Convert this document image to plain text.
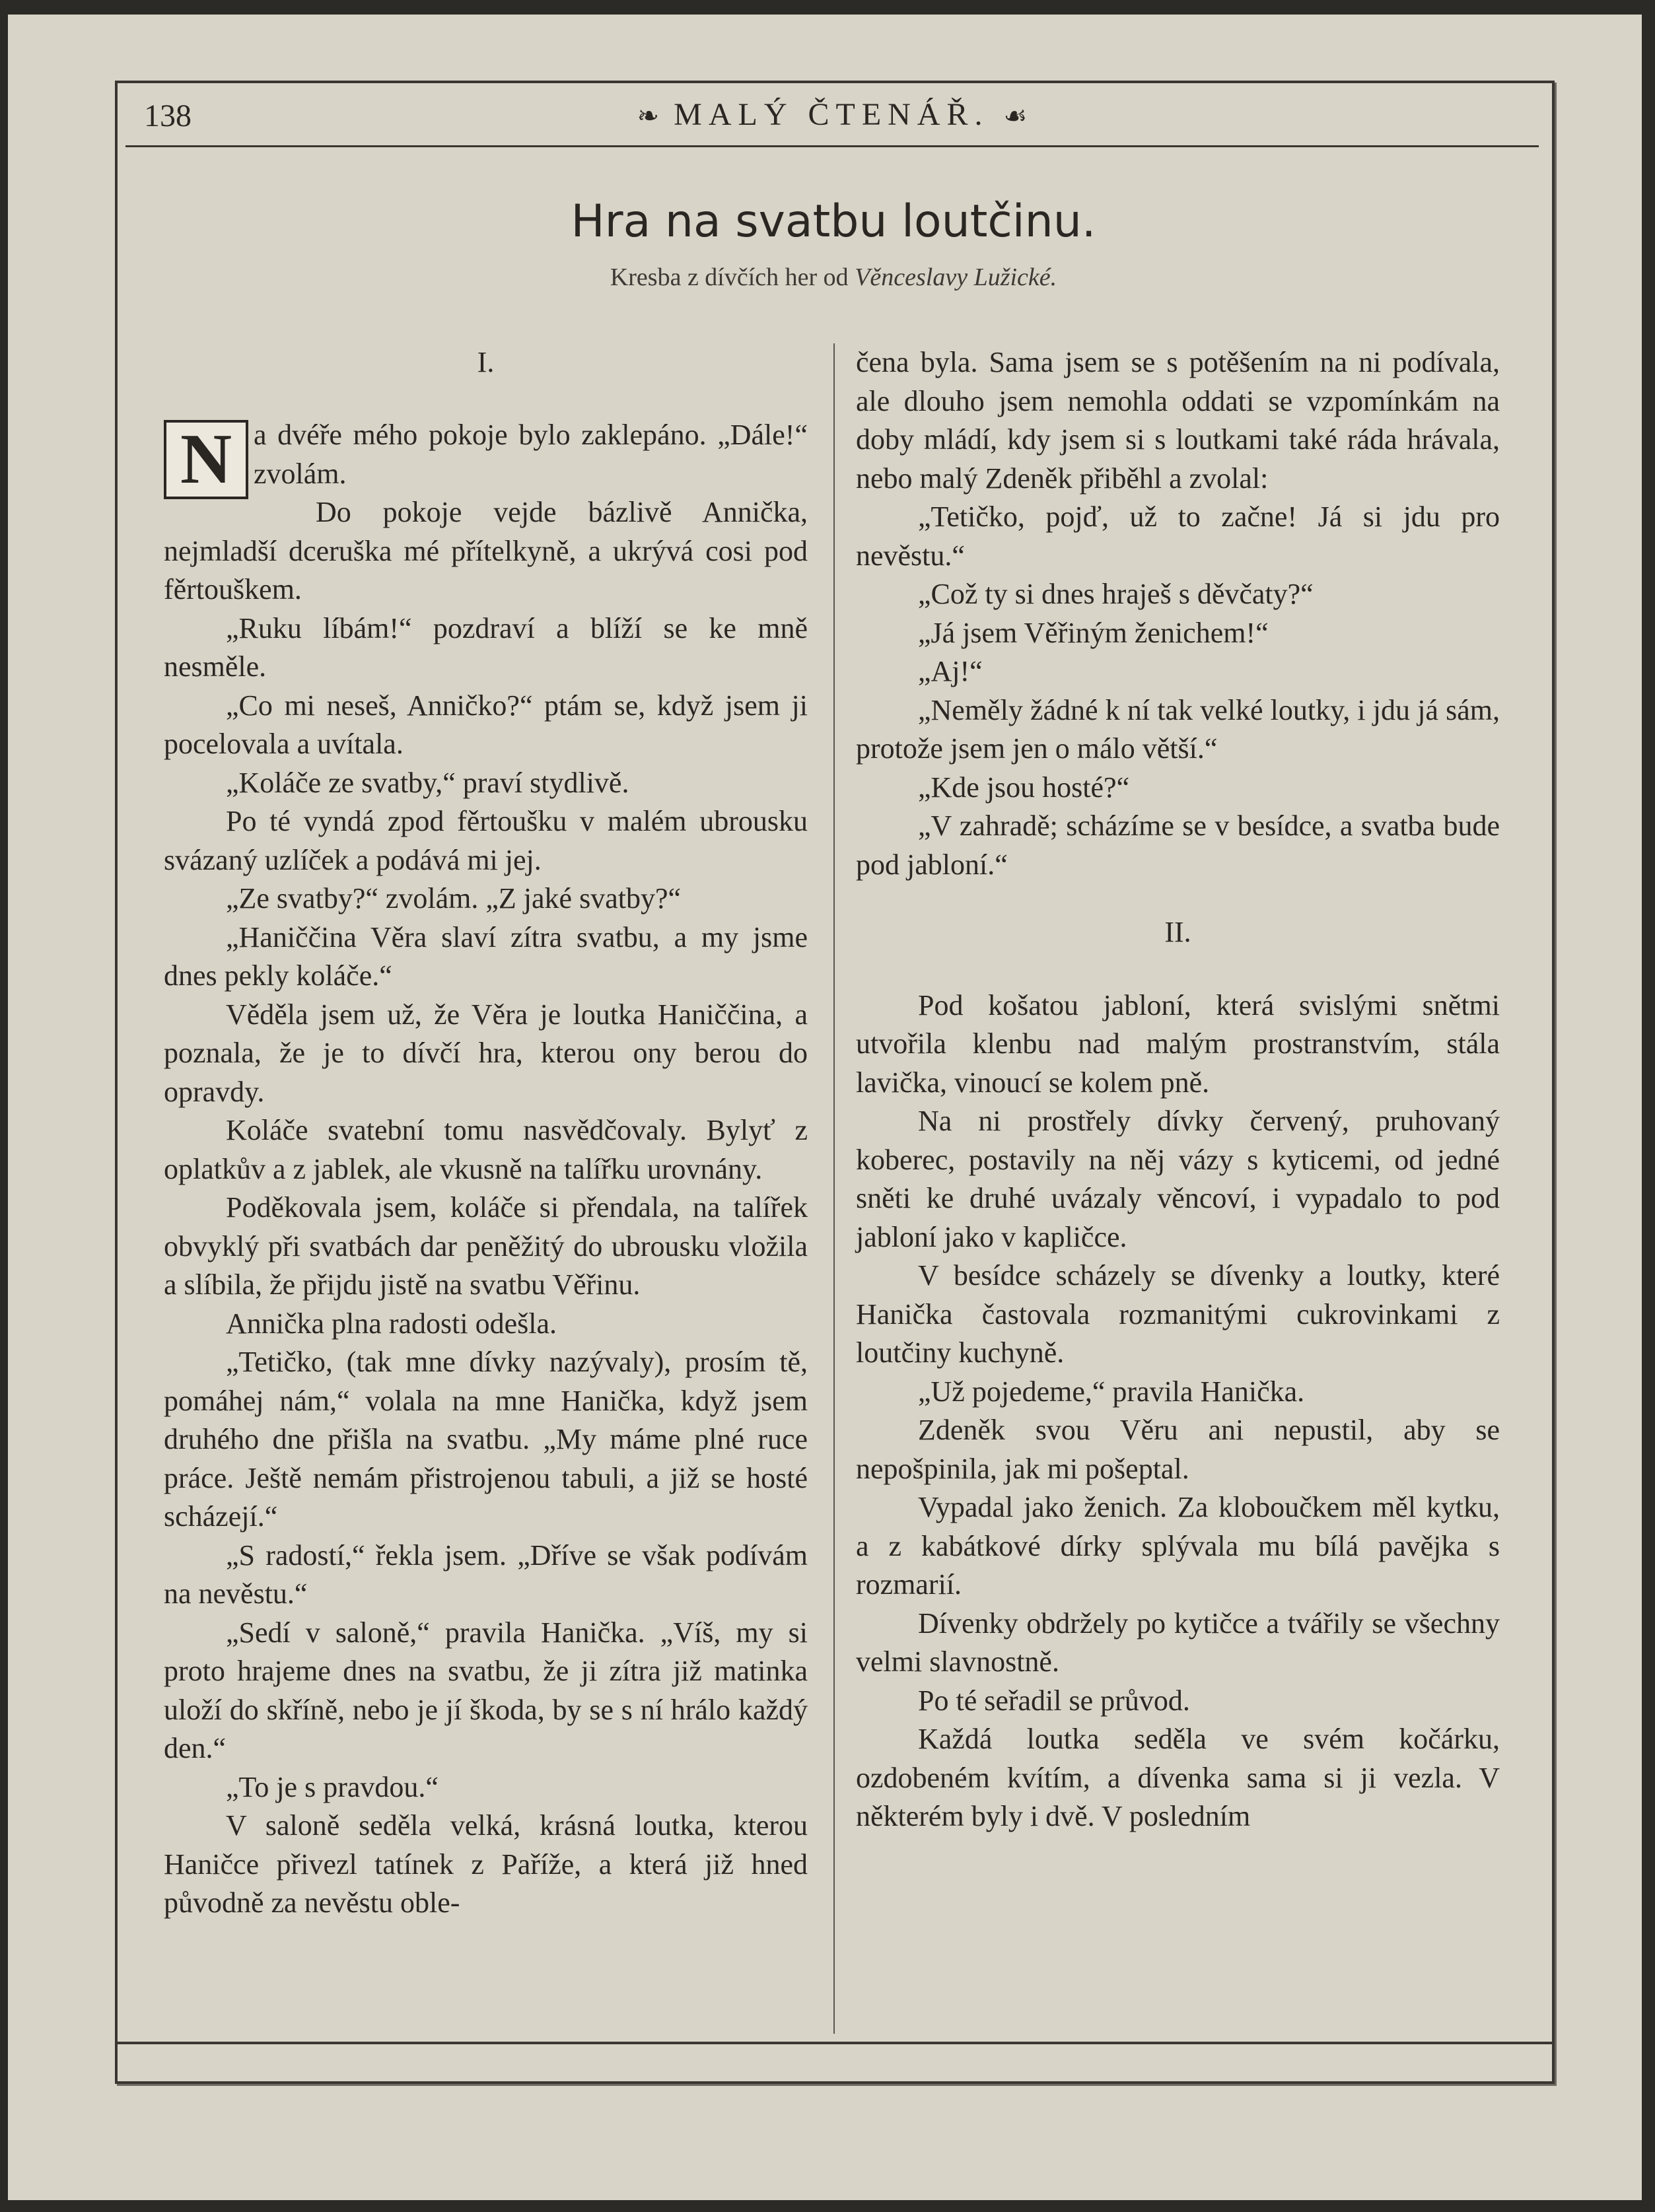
138	❧ MALÝ ČTENÁŘ. ☙
Hra na svatbu loutčinu.
Kresba z dívčích her od Věnceslavy Lužické.

I.

N a dvéře mého pokoje bylo zaklepáno. „Dále!“ zvolám.

Do pokoje vejde bázlivě Annička, nejmladší dceruška mé přítelkyně, a ukrývá cosi pod fěrtouškem.

„Ruku líbám!“ pozdraví a blíží se ke mně nesměle.

„Co mi neseš, Anničko?“ ptám se, když jsem ji pocelovala a uvítala.

„Koláče ze svatby,“ praví stydlivě.

Po té vyndá zpod fěrtoušku v malém ubrousku svázaný uzlíček a podává mi jej.

„Ze svatby?“ zvolám. „Z jaké svatby?“

„Haniččina Věra slaví zítra svatbu, a my jsme dnes pekly koláče.“

Věděla jsem už, že Věra je loutka Haniččina, a poznala, že je to dívčí hra, kterou ony berou do opravdy.

Koláče svatební tomu nasvědčovaly. Bylyť z oplatkův a z jablek, ale vkusně na talířku urovnány.

Poděkovala jsem, koláče si přendala, na talířek obvyklý při svatbách dar peněžitý do ubrousku vložila a slíbila, že přijdu jistě na svatbu Věřinu.

Annička plna radosti odešla.

„Tetičko, (tak mne dívky nazývaly), prosím tě, pomáhej nám,“ volala na mne Hanička, když jsem druhého dne přišla na svatbu. „My máme plné ruce práce. Ještě nemám přistrojenou tabuli, a již se hosté scházejí.“

„S radostí,“ řekla jsem. „Dříve se však podívám na nevěstu.“

„Sedí v saloně,“ pravila Hanička. „Víš, my si proto hrajeme dnes na svatbu, že ji zítra již matinka uloží do skříně, nebo je jí škoda, by se s ní hrálo každý den.“

„To je s pravdou.“

V saloně seděla velká, krásná loutka, kterou Haničce přivezl tatínek z Paříže, a která již hned původně za nevěstu oble-

čena byla. Sama jsem se s potěšením na ni podívala, ale dlouho jsem nemohla oddati se vzpomínkám na doby mládí, kdy jsem si s loutkami také ráda hrávala, nebo malý Zdeněk přiběhl a zvolal:

„Tetičko, pojď, už to začne! Já si jdu pro nevěstu.“

„Což ty si dnes hraješ s děvčaty?“

„Já jsem Věřiným ženichem!“

„Aj!“

„Neměly žádné k ní tak velké loutky, i jdu já sám, protože jsem jen o málo větší.“

„Kde jsou hosté?“

„V zahradě; scházíme se v besídce, a svatba bude pod jabloní.“

II.

Pod košatou jabloní, která svislými snětmi utvořila klenbu nad malým prostranstvím, stála lavička, vinoucí se kolem pně.

Na ni prostřely dívky červený, pruhovaný koberec, postavily na něj vázy s kyticemi, od jedné sněti ke druhé uvázaly věncoví, i vypadalo to pod jabloní jako v kapličce.

V besídce scházely se dívenky a loutky, které Hanička častovala rozmanitými cukrovinkami z loutčiny kuchyně.

„Už pojedeme,“ pravila Hanička.

Zdeněk svou Věru ani nepustil, aby se nepošpinila, jak mi pošeptal.

Vypadal jako ženich. Za kloboučkem měl kytku, a z kabátkové dírky splývala mu bílá pavějka s rozmarií.

Dívenky obdržely po kytičce a tvářily se všechny velmi slavnostně.

Po té seřadil se průvod.

Každá loutka seděla ve svém kočárku, ozdobeném kvítím, a dívenka sama si ji vezla. V některém byly i dvě. V posledním
